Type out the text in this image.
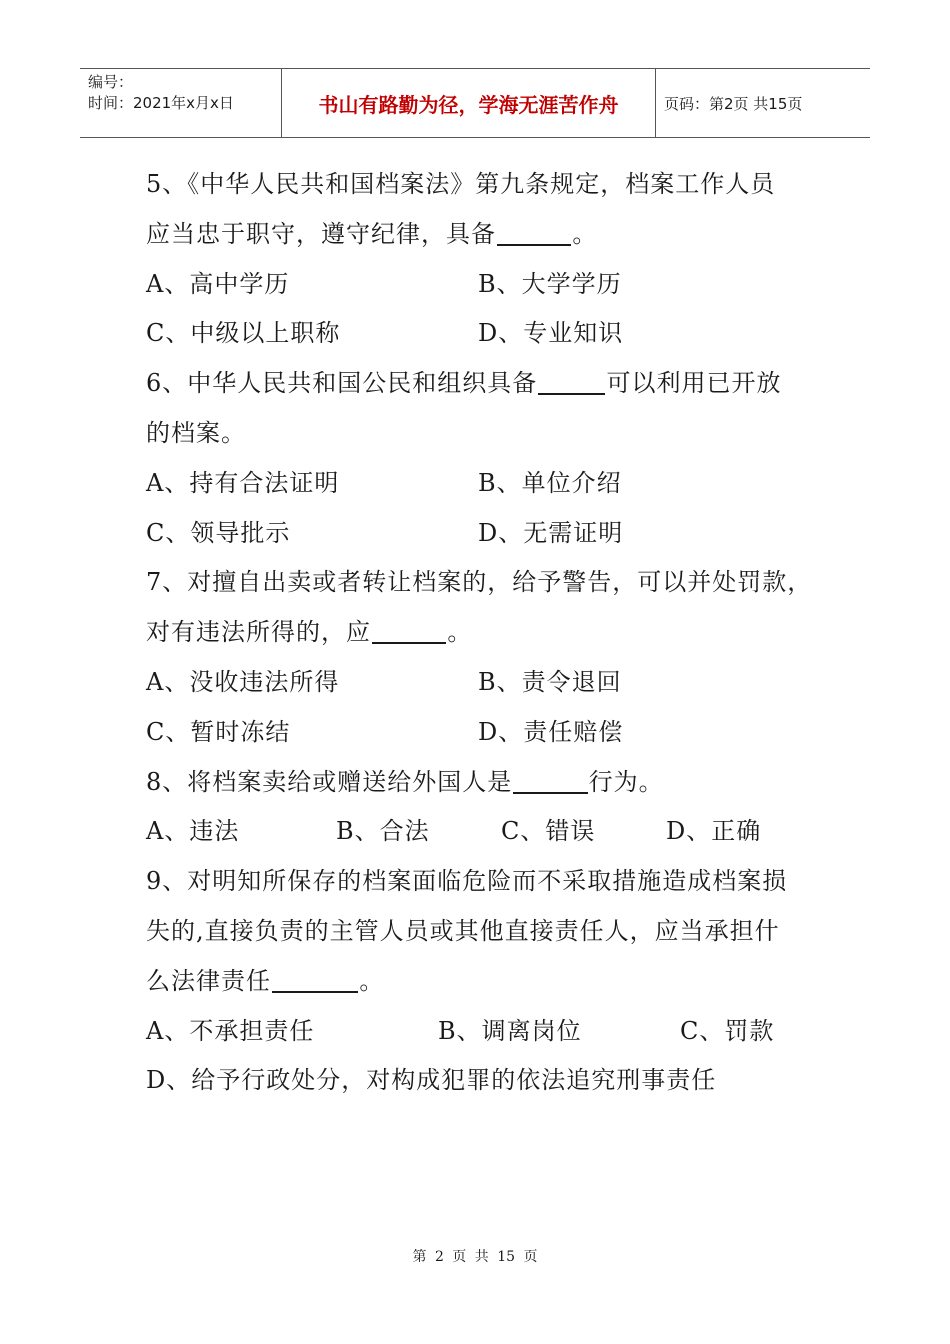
编号：
时间：2021年x月x日	书山有路勤为径，学海无涯苦作舟	页码：第2页 共15页
5、《中华人民共和国档案法》第九条规定，档案工作人员
应当忠于职守，遵守纪律，具备	。
A、高中学历	B、大学学历
C、中级以上职称	D、专业知识
6、中华人民共和国公民和组织具备	可以利用已开放
的档案。
A、持有合法证明	B、单位介绍
C、领导批示	D、无需证明
7、对擅自出卖或者转让档案的，给予警告，可以并处罚款，
对有违法所得的，应	。
A、没收违法所得	B、责令退回
C、暂时冻结	D、责任赔偿
8、将档案卖给或赠送给外国人是	行为。
A、违法	B、合法	C、错误	D、正确
9、对明知所保存的档案面临危险而不采取措施造成档案损
失的,直接负责的主管人员或其他直接责任人，应当承担什
么法律责任	。
A、不承担责任	B、调离岗位	C、罚款
D、给予行政处分，对构成犯罪的依法追究刑事责任
第 2 页 共 15 页
